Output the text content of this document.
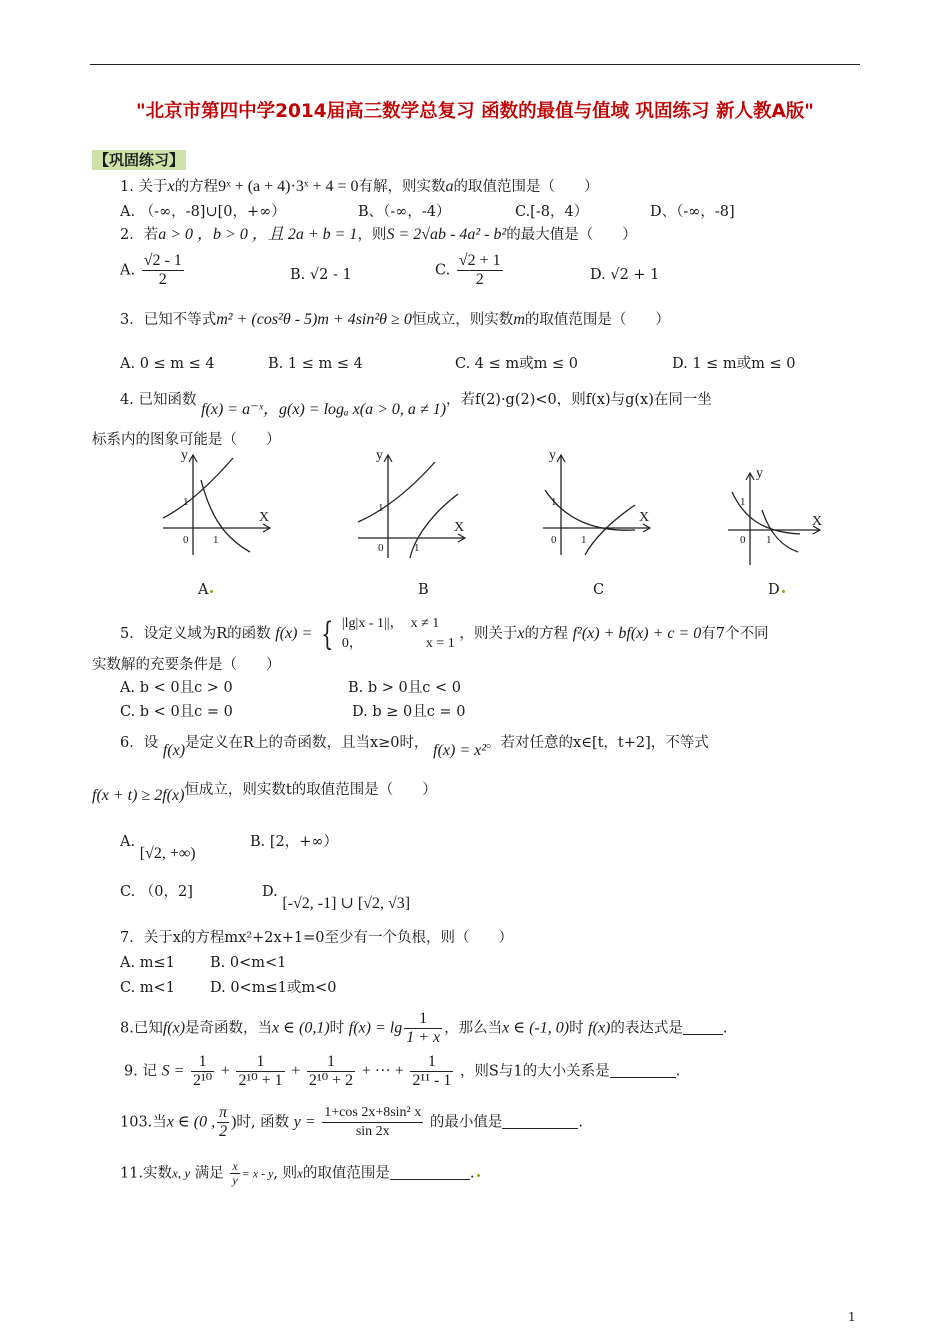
"北京市第四中学2014届高三数学总复习 函数的最值与值域 巩固练习 新人教A版"
【巩固练习】
1. 关于x的方程9ˣ + (a + 4)·3ˣ + 4 = 0有解，则实数a的取值范围是（　　）
A. （-∞，-8]∪[0，+∞）	B、（-∞，-4）	C.[-8，4）	D、（-∞，-8]
2．若a > 0 ，b > 0 ，且 2a + b = 1，则S = 2√ab - 4a² - b²的最大值是（　　）
A. $\frac{√2 - 1}{2}$	B. √2 - 1	C. $\frac{√2 + 1}{2}$	D. √2 + 1
3．已知不等式m² + (cos²θ - 5)m + 4sin²θ ≥ 0恒成立，则实数m的取值范围是（　　）
A. 0 ≤ m ≤ 4	B. 1 ≤ m ≤ 4	C. 4 ≤ m或m ≤ 0	D. 1 ≤ m或m ≤ 0
4. 已知函数 f(x) = a⁻ˣ，g(x) = logₐ x(a > 0, a ≠ 1)，若f(2)·g(2)<0，则f(x)与g(x)在同一坐
标系内的图象可能是（　　）
y
X
1
0 1
y
X
1
0	1
y
X
1
0 1
y
X
1
0 1
A	B	C	D
5．设定义域为R的函数 f(x) = { |lg|x - 1||，　x ≠ 1
0，　　　　　x = 1
，则关于x的方程 f²(x) + bf(x) + c = 0有7个不同
实数解的充要条件是（　　）
A. b < 0且c > 0	B. b > 0且c < 0
C. b < 0且c = 0	D. b ≥ 0且c = 0
6．设 f(x)是定义在R上的奇函数，且当x≥0时， f(x) = x²。若对任意的x∈[t，t+2]，不等式
f(x + t) ≥ 2f(x)恒成立，则实数t的取值范围是（　　）
A. [√2, +∞)
B. [2，+∞）
C. （0，2]	D. [-√2, -1] ∪ [√2, √3]
7．关于x的方程mx²+2x+1=0至少有一个负根，则（　　）
A. m≤1 B. 0<m<1
C. m<1 D. 0<m≤1或m<0
8.已知f(x)是奇函数，当x ∈ (0,1)时 $f(x) = \lg \frac{1}{1 + x}$ ，那么当x ∈ (-1, 0)时 f(x)的表达式是	.
9. 记 $S = \frac{1}{\text{2¹⁰}} + \frac{1}{\text{2¹⁰ + 1}} + \frac{1}{\text{2¹⁰ + 2}}$ + ··· + $\frac{1}{\text{2¹¹ - 1}}$ ，则S与1的大小关系是	.
103.当x ∈ (0 , $\frac{\pi}{2}$ )时, 函数 $y = \frac{\text{1+cos 2x+8sin² x}}{\sin 2x}$ 的最小值是	.
11.实数x, y 满足 $\frac{x}{y} = x - y$, 则x的取值范围是	.
1
